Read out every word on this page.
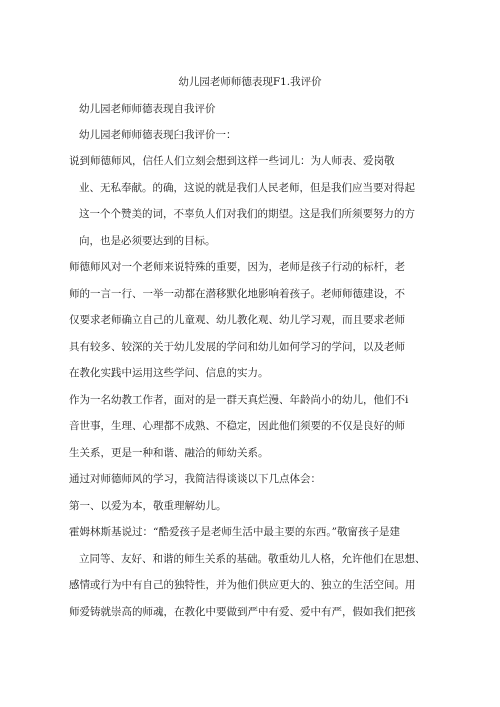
幼儿园老师师德表现F1.我评价
幼儿园老师师德表现自我评价
幼儿园老师师德表现臼我评价一：
说到师德师风，信任人们立刻会想到这样一些词儿：为人师表、爱岗敬
业、无私奉献。的确，这说的就是我们人民老师，但是我们应当要对得起
这一个个赞美的词，不辜负人们对我们的期望。这是我们所须要努力的方
向，也是必须要达到的目标。
师德师风对一个老师来说特殊的重要，因为，老师是孩子行动的标杆，老
师的一言一行、一举一动都在潜移默化地影响着孩子。老师师德建设，不
仅要求老师确立自己的儿童观、幼儿教化观、幼儿学习观，而且要求老师
具有较多、较深的关于幼儿发展的学问和幼儿如何学习的学问，以及老师
在教化实践中运用这些学问、信息的实力。
作为一名幼教工作者，面对的是一群天真烂漫、年龄尚小的幼儿，他们不i
音世事，生理、心理都不成熟、不稳定，因此他们须要的不仅是良好的师
生关系，更是一种和谐、融洽的师幼关系。
通过对师德师风的学习，我简洁得谈谈以下几点体会：
第一、以爱为本，敬重理解幼儿。
霍姆林斯基说过：“酷爱孩子是老师生活中最主要的东西。”敬甯孩子是建
立同等、友好、和谐的师生关系的基础。敬重幼儿人格，允许他们在思想、
感情或行为中有自己的独特性，并为他们供应更大的、独立的生活空间。用
师爱铸就崇高的师魂，在教化中要做到严中有爱、爱中有严，假如我们把孩
